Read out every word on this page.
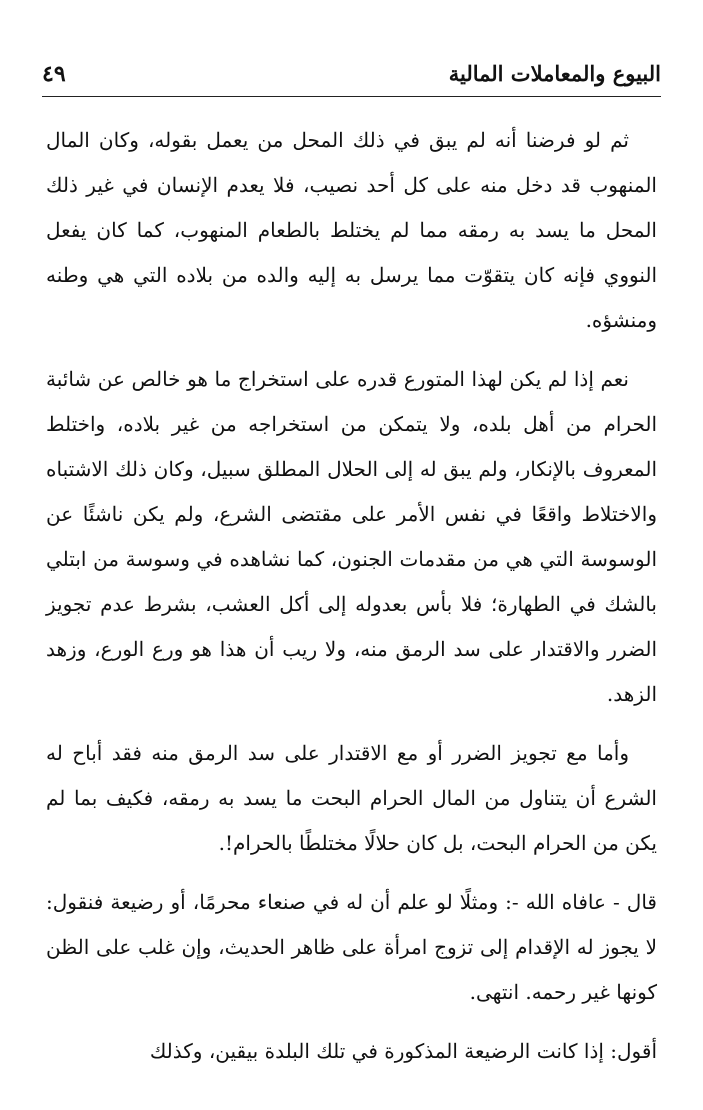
البيوع والمعاملات المالية
٤٩

ثم لو فرضنا أنه لم يبق في ذلك المحل من يعمل بقوله، وكان المال المنهوب قد دخل منه على كل أحد نصيب، فلا يعدم الإنسان في غير ذلك المحل ما يسد به رمقه مما لم يختلط بالطعام المنهوب، كما كان يفعل النووي فإنه كان يتقوّت مما يرسل به إليه والده من بلاده التي هي وطنه ومنشؤه.

نعم إذا لم يكن لهذا المتورع قدره على استخراج ما هو خالص عن شائبة الحرام من أهل بلده، ولا يتمكن من استخراجه من غير بلاده، واختلط المعروف بالإنكار، ولم يبق له إلى الحلال المطلق سبيل، وكان ذلك الاشتباه والاختلاط واقعًا في نفس الأمر على مقتضى الشرع، ولم يكن ناشئًا عن الوسوسة التي هي من مقدمات الجنون، كما نشاهده في وسوسة من ابتلي بالشك في الطهارة؛ فلا بأس بعدوله إلى أكل العشب، بشرط عدم تجويز الضرر والاقتدار على سد الرمق منه، ولا ريب أن هذا هو ورع الورع، وزهد الزهد.

وأما مع تجويز الضرر أو مع الاقتدار على سد الرمق منه فقد أباح له الشرع أن يتناول من المال الحرام البحت ما يسد به رمقه، فكيف بما لم يكن من الحرام البحت، بل كان حلالًا مختلطًا بالحرام!.

قال - عافاه الله -: ومثلًا لو علم أن له في صنعاء محرمًا، أو رضيعة فنقول: لا يجوز له الإقدام إلى تزوج امرأة على ظاهر الحديث، وإن غلب على الظن كونها غير رحمه. انتهى.

أقول: إذا كانت الرضيعة المذكورة في تلك البلدة بيقين، وكذلك
